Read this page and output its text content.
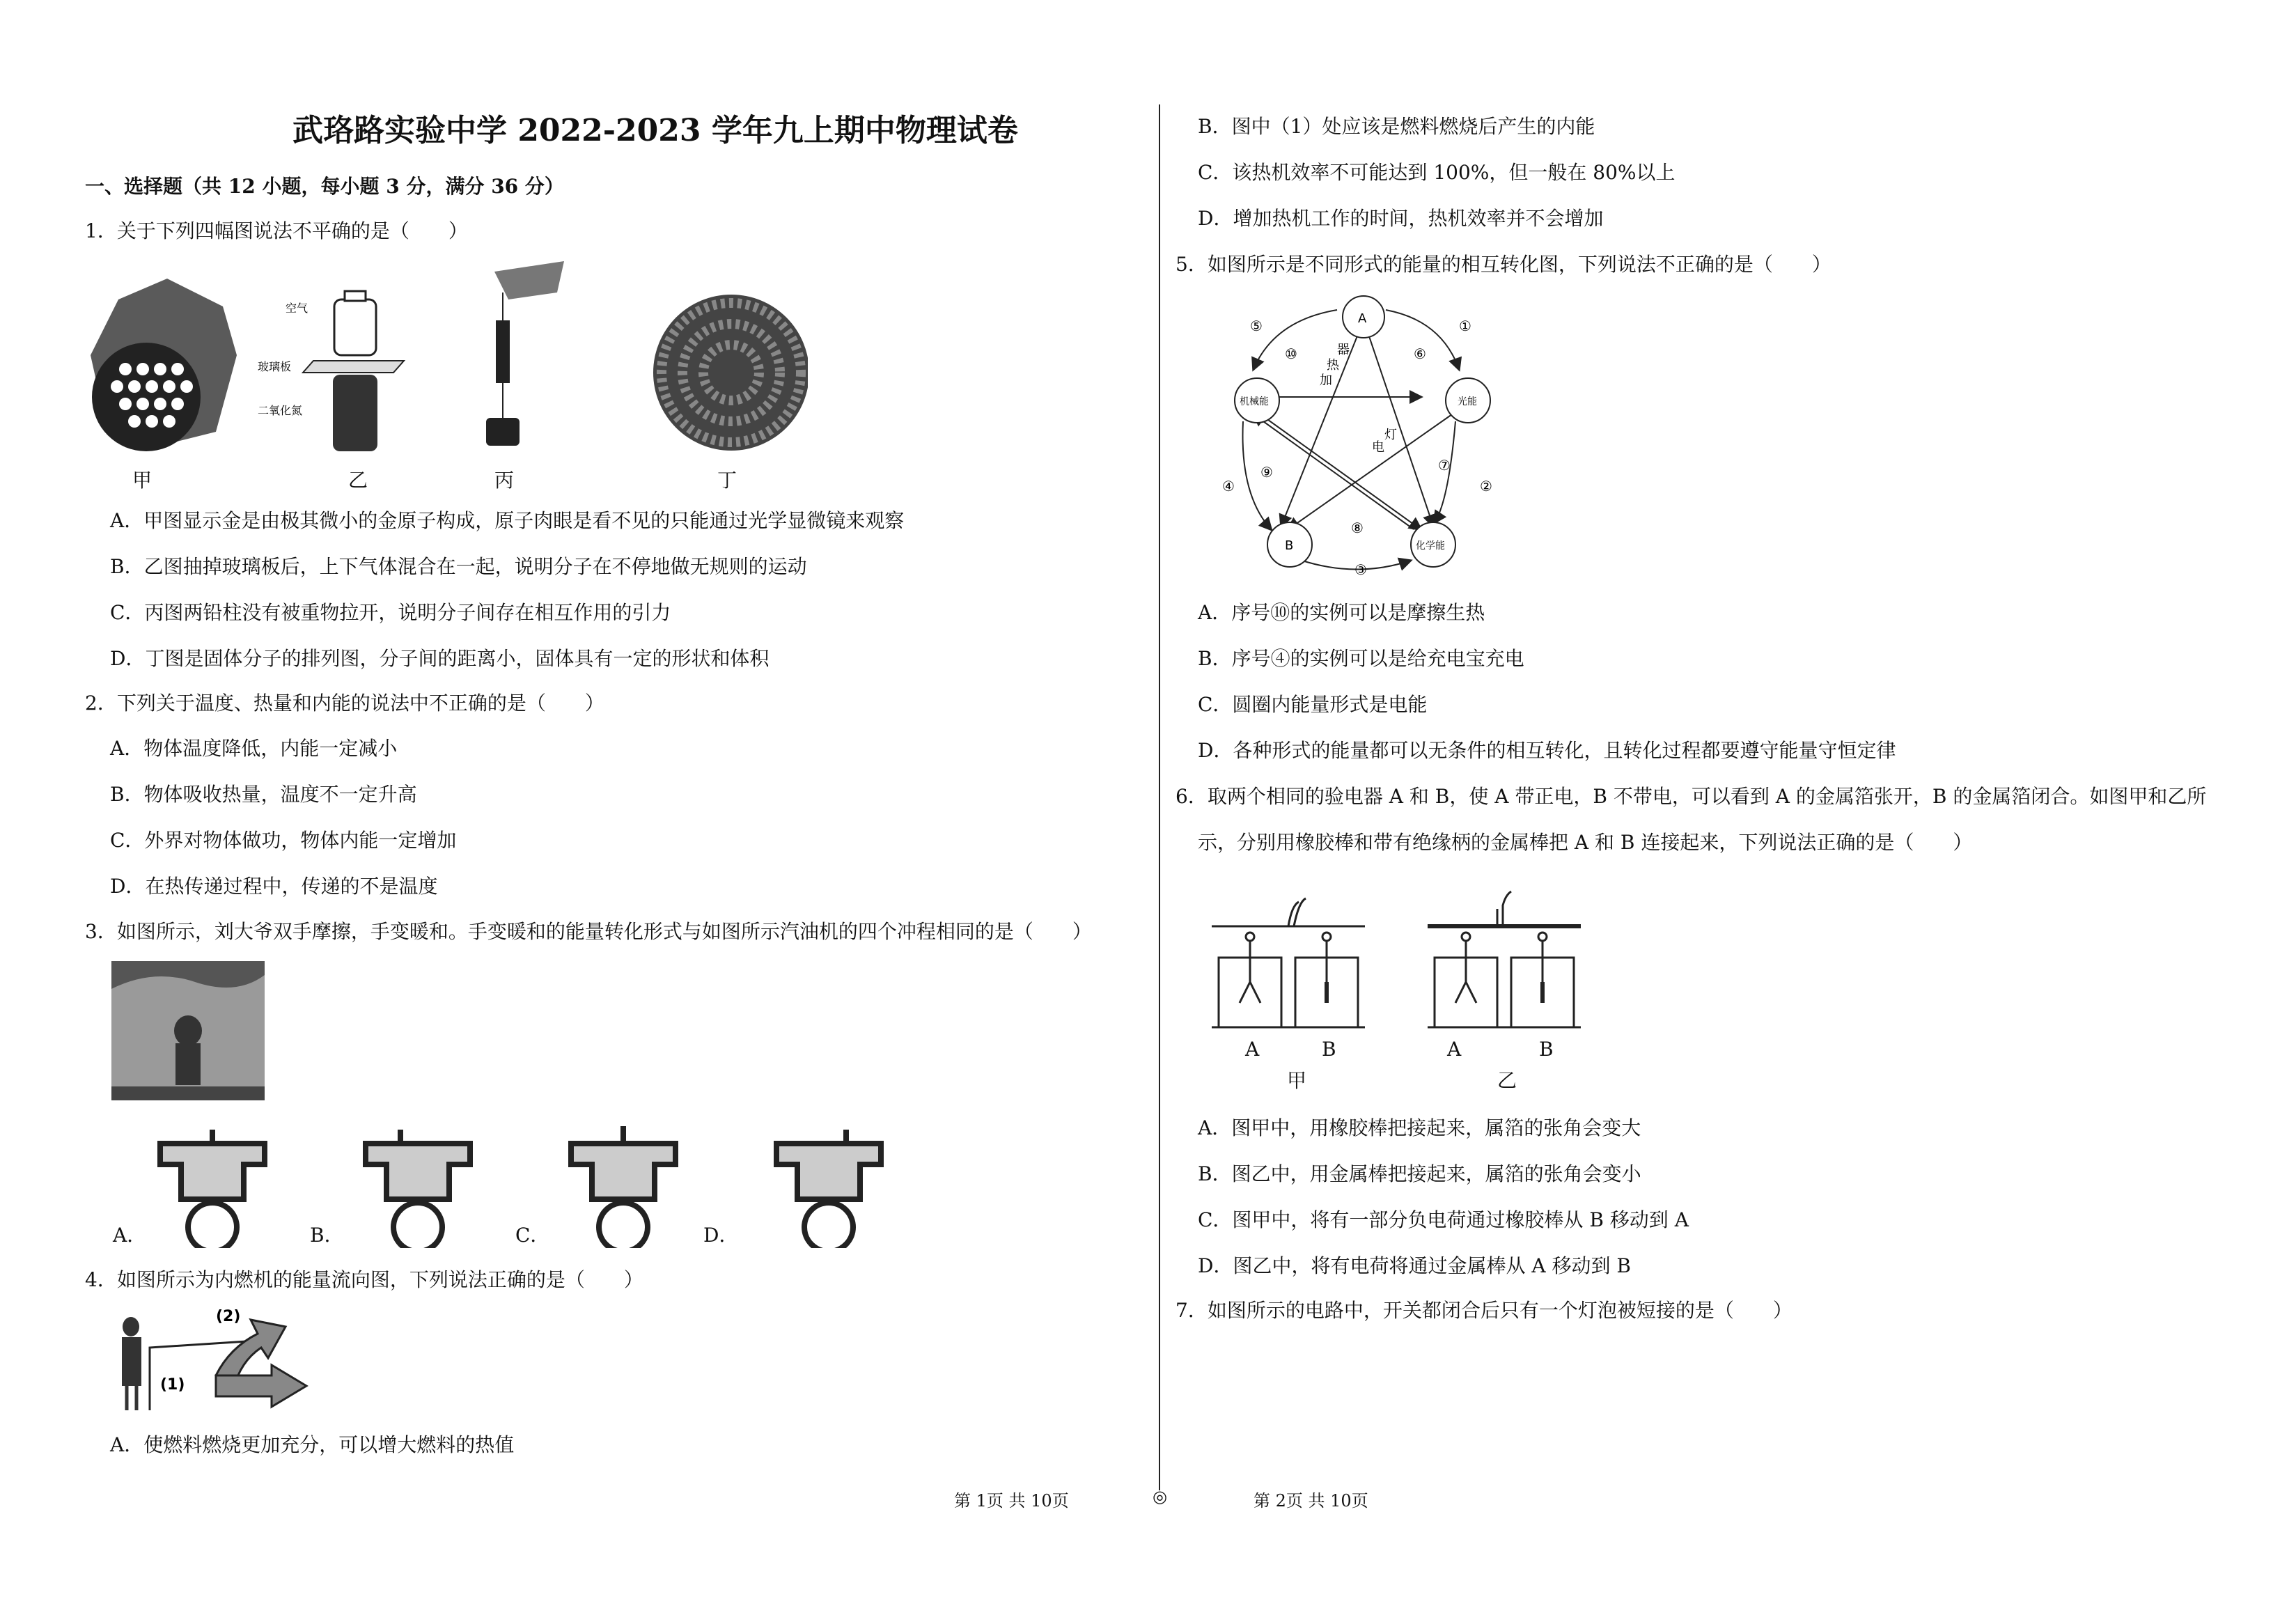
武珞路实验中学 2022-2023 学年九上期中物理试卷
一、选择题（共 12 小题，每小题 3 分，满分 36 分）
1．关于下列四幅图说法不平确的是（　　）
空气
玻璃板
二氧化氮
甲	乙	丙	丁
A．甲图显示金是由极其微小的金原子构成，原子肉眼是看不见的只能通过光学显微镜来观察
B．乙图抽掉玻璃板后，上下气体混合在一起，说明分子在不停地做无规则的运动
C．丙图两铅柱没有被重物拉开，说明分子间存在相互作用的引力
D．丁图是固体分子的排列图，分子间的距离小，固体具有一定的形状和体积
2．下列关于温度、热量和内能的说法中不正确的是（　　）
A．物体温度降低，内能一定减小
B．物体吸收热量，温度不一定升高
C．外界对物体做功，物体内能一定增加
D．在热传递过程中，传递的不是温度
3．如图所示，刘大爷双手摩擦，手变暖和。手变暖和的能量转化形式与如图所示汽油机的四个冲程相同的是（　　）
A．	B．	C．	D．
4．如图所示为内燃机的能量流向图，下列说法正确的是（　　）
(2)
(1)
A．使燃料燃烧更加充分，可以增大燃料的热值
B．图中（1）处应该是燃料燃烧后产生的内能
C．该热机效率不可能达到 100%，但一般在 80%以上
D．增加热机工作的时间，热机效率并不会增加
5．如图所示是不同形式的能量的相互转化图，下列说法不正确的是（　　）
A
机械能	光能
B	化学能
①
②
③
④
⑤
⑥
⑦
⑧
⑨
⑩
加
热
器
电
灯
A．序号⑩的实例可以是摩擦生热
B．序号④的实例可以是给充电宝充电
C．圆圈内能量形式是电能
D．各种形式的能量都可以无条件的相互转化，且转化过程都要遵守能量守恒定律
6．取两个相同的验电器 A 和 B，使 A 带正电，B 不带电，可以看到 A 的金属箔张开，B 的金属箔闭合。如图甲和乙所
示，分别用橡胶棒和带有绝缘柄的金属棒把 A 和 B 连接起来，下列说法正确的是（　　）
A	B
甲
A	B
乙
A．图甲中，用橡胶棒把接起来，属箔的张角会变大
B．图乙中，用金属棒把接起来，属箔的张角会变小
C．图甲中，将有一部分负电荷通过橡胶棒从 B 移动到 A
D．图乙中，将有电荷将通过金属棒从 A 移动到 B
7．如图所示的电路中，开关都闭合后只有一个灯泡被短接的是（　　）
第 1页 共 10页	◎	第 2页 共 10页
